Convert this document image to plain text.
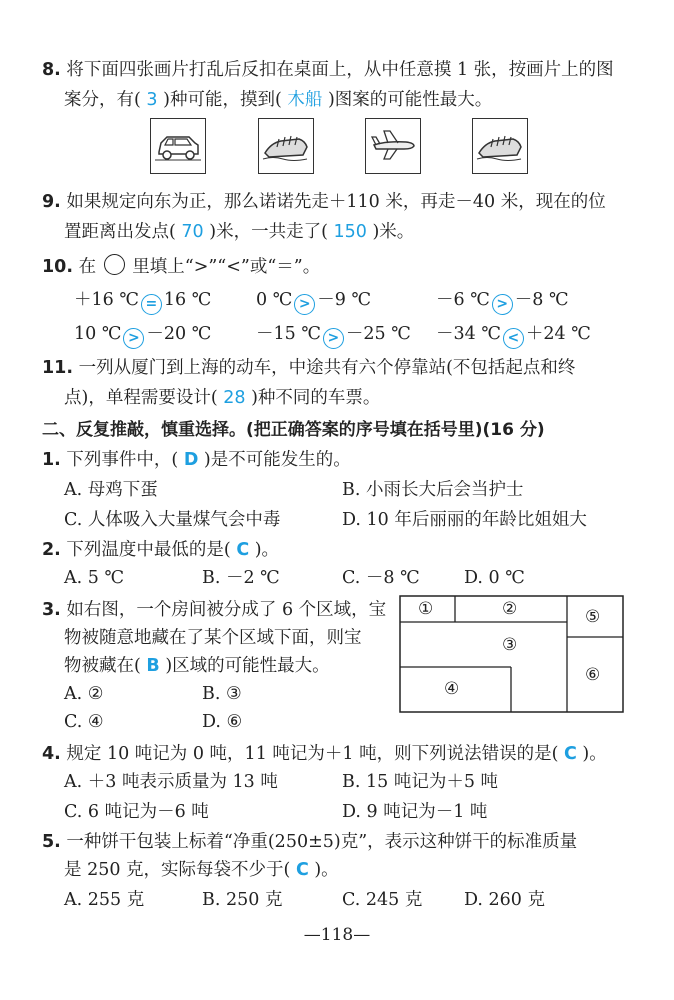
8. 将下面四张画片打乱后反扣在桌面上，从中任意摸 1 张，按画片上的图
案分，有( 3 )种可能，摸到( 木船 )图案的可能性最大。
9. 如果规定向东为正，那么诺诺先走＋110 米，再走－40 米，现在的位
置距离出发点( 70 )米，一共走了( 150 )米。
10. 在 里填上“>”“<”或“＝”。
＋16 ℃ = 16 ℃	0 ℃ > －9 ℃	－6 ℃ > －8 ℃
10 ℃ > －20 ℃	－15 ℃ > －25 ℃ －34 ℃ < ＋24 ℃
11. 一列从厦门到上海的动车，中途共有六个停靠站(不包括起点和终
点)，单程需要设计( 28 )种不同的车票。
二、反复推敲，慎重选择。(把正确答案的序号填在括号里)(16 分)
1. 下列事件中，( D )是不可能发生的。
A. 母鸡下蛋	B. 小雨长大后会当护士
C. 人体吸入大量煤气会中毒	D. 10 年后丽丽的年龄比姐姐大
2. 下列温度中最低的是( C )。
A. 5 ℃	B. －2 ℃	C. －8 ℃	D. 0 ℃
3. 如右图，一个房间被分成了 6 个区域，宝
物被随意地藏在了某个区域下面，则宝
物被藏在( B )区域的可能性最大。
A. ②	B. ③
C. ④	D. ⑥
①	②
③
④
⑤
⑥
4. 规定 10 吨记为 0 吨，11 吨记为＋1 吨，则下列说法错误的是( C )。
A. ＋3 吨表示质量为 13 吨	B. 15 吨记为＋5 吨
C. 6 吨记为－6 吨	D. 9 吨记为－1 吨
5. 一种饼干包装上标着“净重(250±5)克”，表示这种饼干的标准质量
是 250 克，实际每袋不少于( C )。
A. 255 克	B. 250 克	C. 245 克 D. 260 克
—118—
